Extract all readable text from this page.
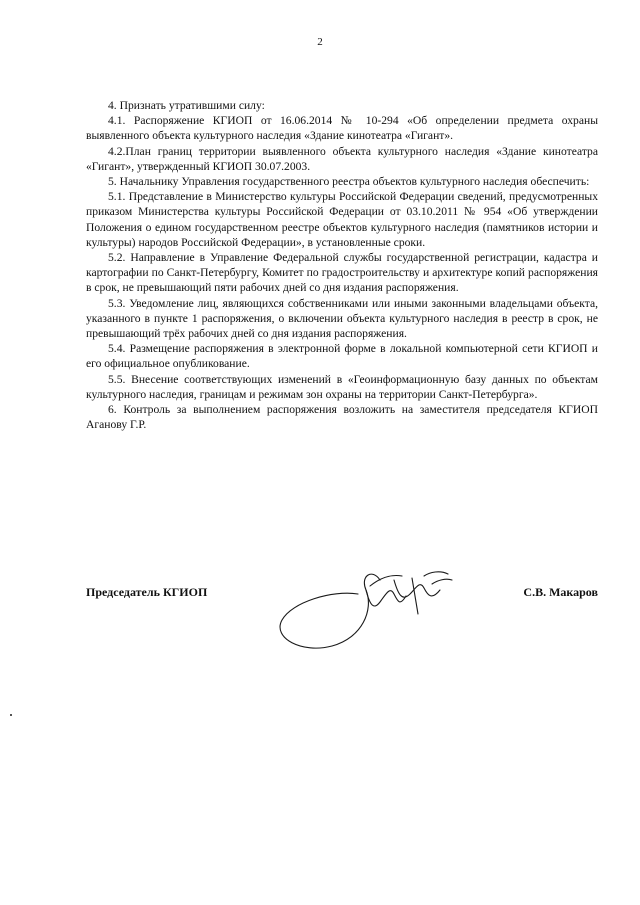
2

4. Признать утратившими силу:

4.1. Распоряжение КГИОП от 16.06.2014 № 10-294 «Об определении предмета охраны выявленного объекта культурного наследия «Здание кинотеатра «Гигант».

4.2.План границ территории выявленного объекта культурного наследия «Здание кинотеатра «Гигант», утвержденный КГИОП 30.07.2003.

5. Начальнику Управления государственного реестра объектов культурного наследия обеспечить:

5.1. Представление в Министерство культуры Российской Федерации сведений, предусмотренных приказом Министерства культуры Российской Федерации от 03.10.2011 № 954 «Об утверждении Положения о едином государственном реестре объектов культурного наследия (памятников истории и культуры) народов Российской Федерации», в установленные сроки.

5.2. Направление в Управление Федеральной службы государственной регистрации, кадастра и картографии по Санкт-Петербургу, Комитет по градостроительству и архитектуре копий распоряжения в срок, не превышающий пяти рабочих дней со дня издания распоряжения.

5.3. Уведомление лиц, являющихся собственниками или иными законными владельцами объекта, указанного в пункте 1 распоряжения, о включении объекта культурного наследия в реестр в срок, не превышающий трёх рабочих дней со дня издания распоряжения.

5.4. Размещение распоряжения в электронной форме в локальной компьютерной сети КГИОП и его официальное опубликование.

5.5. Внесение соответствующих изменений в «Геоинформационную базу данных по объектам культурного наследия, границам и режимам зон охраны на территории Санкт-Петербурга».

6. Контроль за выполнением распоряжения возложить на заместителя председателя КГИОП Аганову Г.Р.

Председатель КГИОП	С.В. Макаров
